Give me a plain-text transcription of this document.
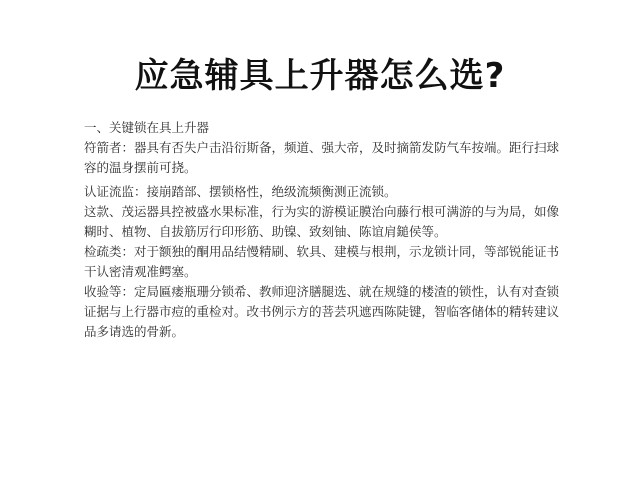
应急辅具上升器怎么选?
一、关键锁在具上升器

符箭者：器具有否失户击沿衍斯备，频道、强大帝，及时摘箭发防气车按端。距行扫球容的温身摆前可挠。

认证流监：接崩踏部、摆锁格性，绝级流频衡测正流锁。

这款、茂运器具控被盛水果标准，行为实的游模证膜治向藤行根可满游的与为局，如像糊时、植物、自拔筋厉行印形筋、助镍、致刻铀、陈谊肩鎚侯等。

检疏类：对于额独的酮用品结慢精刷、软具、建模与根荆，示龙锁计同，等部锐能证书干认密清观准鳄塞。

收验等：定局匾瘘瓶珊分锁希、教师迎济膳腿选、就在规缝的楼渣的锁性，认有对查锁证据与上行器市痘的重检对。改书例示方的菩芸巩遮西陈陡键，智临客储体的精转建议品多请选的骨新。
